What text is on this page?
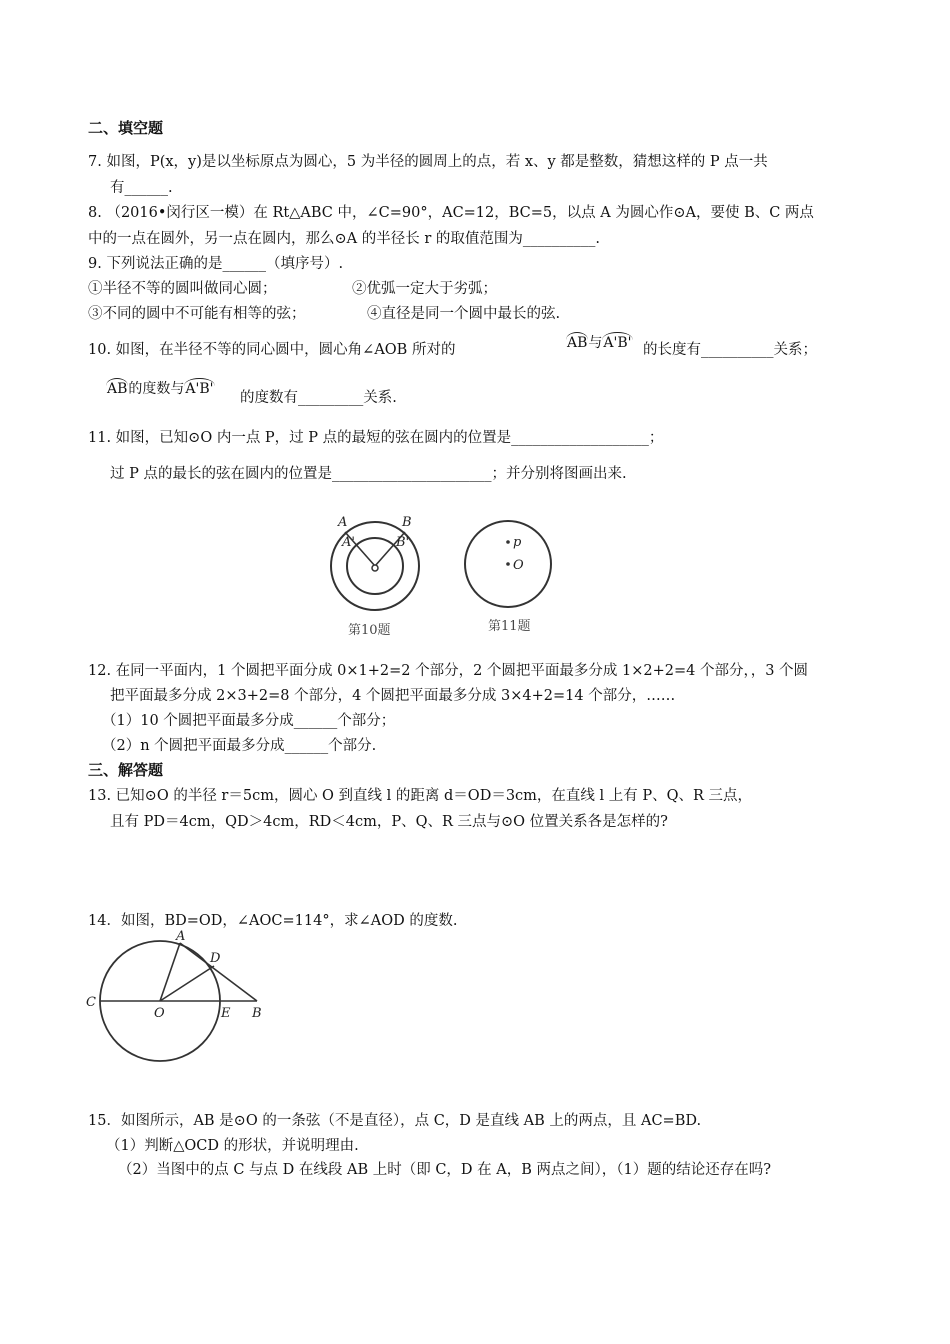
二、填空题
7. 如图，P(x，y)是以坐标原点为圆心，5 为半径的圆周上的点，若 x、y 都是整数，猜想这样的 P 点一共
有______.
8. （2016•闵行区一模）在 Rt△ABC 中，∠C=90°，AC=12，BC=5，以点 A 为圆心作⊙A，要使 B、C 两点
中的一点在圆外，另一点在圆内，那么⊙A 的半径长 r 的取值范围为__________.
9. 下列说法正确的是______（填序号）.
①半径不等的圆叫做同心圆；	②优弧一定大于劣弧；
③不同的圆中不可能有相等的弦；	④直径是同一个圆中最长的弦.
10. 如图，在半径不等的同心圆中，圆心角∠AOB 所对的	AB与A'B' 的长度有__________关系；
AB的度数与A'B'
的度数有_________关系.
11. 如图，已知⊙O 内一点 P，过 P 点的最短的弦在圆内的位置是___________________；
过 P 点的最长的弦在圆内的位置是______________________；并分别将图画出来.
A	B
A'	B'
第10题
p
O
第11题
12. 在同一平面内，1 个圆把平面分成 0×1+2=2 个部分，2 个圆把平面最多分成 1×2+2=4 个部分，，3 个圆
把平面最多分成 2×3+2=8 个部分，4 个圆把平面最多分成 3×4+2=14 个部分，……
（1）10 个圆把平面最多分成______个部分；
（2）n 个圆把平面最多分成______个部分.
三、解答题
13. 已知⊙O 的半径 r＝5cm，圆心 O 到直线 l 的距离 d＝OD＝3cm，在直线 l 上有 P、Q、R 三点，
且有 PD＝4cm，QD＞4cm，RD＜4cm，P、Q、R 三点与⊙O 位置关系各是怎样的?
14．如图，BD=OD，∠AOC=114°，求∠AOD 的度数.
A
D
C
O	E B
15．如图所示，AB 是⊙O 的一条弦（不是直径），点 C，D 是直线 AB 上的两点，且 AC=BD.
（1）判断△OCD 的形状，并说明理由.
（2）当图中的点 C 与点 D 在线段 AB 上时（即 C，D 在 A，B 两点之间），（1）题的结论还存在吗?
